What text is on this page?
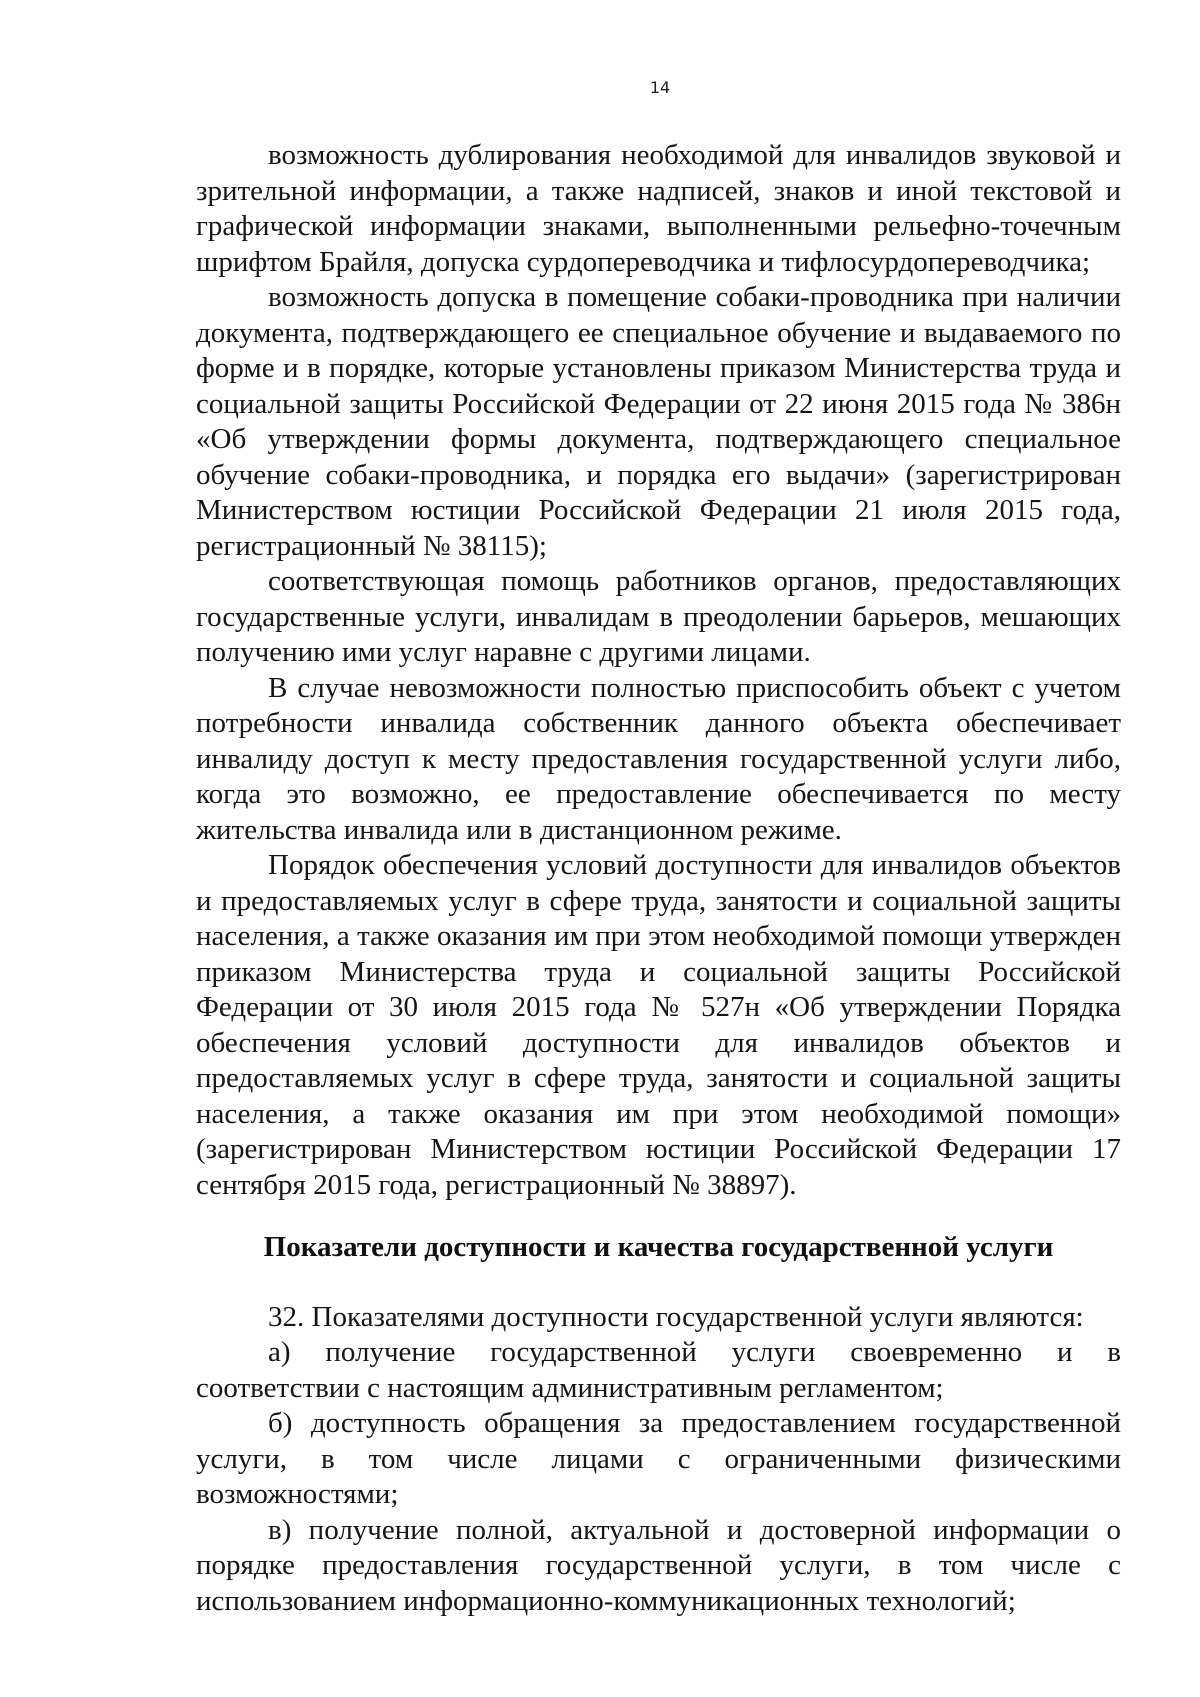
14

возможность дублирования необходимой для инвалидов звуковой и зрительной информации, а также надписей, знаков и иной текстовой и графической информации знаками, выполненными рельефно-точечным шрифтом Брайля, допуска сурдопереводчика и тифлосурдопереводчика;

возможность допуска в помещение собаки-проводника при наличии документа, подтверждающего ее специальное обучение и выдаваемого по форме и в порядке, которые установлены приказом Министерства труда и социальной защиты Российской Федерации от 22 июня 2015 года № 386н «Об утверждении формы документа, подтверждающего специальное обучение собаки-проводника, и порядка его выдачи» (зарегистрирован Министерством юстиции Российской Федерации 21 июля 2015 года, регистрационный № 38115);

соответствующая помощь работников органов, предоставляющих государственные услуги, инвалидам в преодолении барьеров, мешающих получению ими услуг наравне с другими лицами.

В случае невозможности полностью приспособить объект с учетом потребности инвалида собственник данного объекта обеспечивает инвалиду доступ к месту предоставления государственной услуги либо, когда это возможно, ее предоставление обеспечивается по месту жительства инвалида или в дистанционном режиме.

Порядок обеспечения условий доступности для инвалидов объектов и предоставляемых услуг в сфере труда, занятости и социальной защиты населения, а также оказания им при этом необходимой помощи утвержден приказом Министерства труда и социальной защиты Российской Федерации от 30 июля 2015 года № 527н «Об утверждении Порядка обеспечения условий доступности для инвалидов объектов и предоставляемых услуг в сфере труда, занятости и социальной защиты населения, а также оказания им при этом необходимой помощи» (зарегистрирован Министерством юстиции Российской Федерации 17 сентября 2015 года, регистрационный № 38897).

Показатели доступности и качества государственной услуги

32. Показателями доступности государственной услуги являются:

а) получение государственной услуги своевременно и в соответствии с настоящим административным регламентом;

б) доступность обращения за предоставлением государственной услуги, в том числе лицами с ограниченными физическими возможностями;

в) получение полной, актуальной и достоверной информации о порядке предоставления государственной услуги, в том числе с использованием информационно-коммуникационных технологий;
